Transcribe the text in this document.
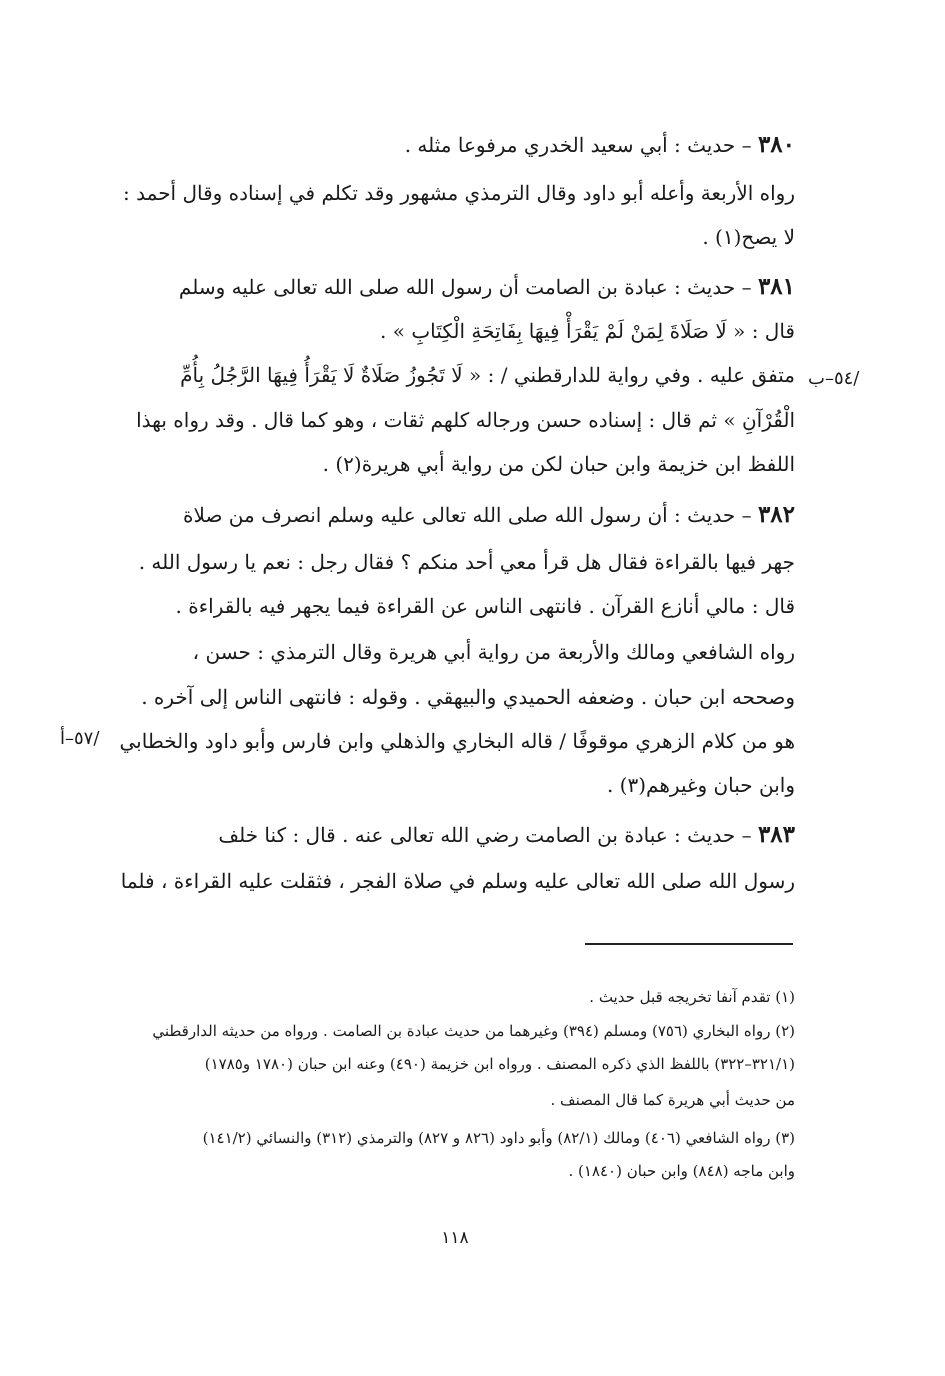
٣٨٠ – حديث : أبي سعيد الخدري مرفوعا مثله .
رواه الأربعة وأعله أبو داود وقال الترمذي مشهور وقد تكلم في إسناده وقال أحمد :
لا يصح(١) .
٣٨١ – حديث : عبادة بن الصامت أن رسول الله صلى الله تعالى عليه وسلم
قال : « لَا صَلَاةَ لِمَنْ لَمْ يَقْرَأْ فِيهَا بِفَاتِحَةِ الْكِتَابِ » .
متفق عليه . وفي رواية للدارقطني / : « لَا تَجُوزُ صَلَاةٌ لَا يَقْرَأُ فِيهَا الرَّجُلُ بِأُمِّ
الْقُرْآنِ » ثم قال : إسناده حسن ورجاله كلهم ثقات ، وهو كما قال . وقد رواه بهذا
اللفظ ابن خزيمة وابن حبان لكن من رواية أبي هريرة(٢) .
٣٨٢ – حديث : أن رسول الله صلى الله تعالى عليه وسلم انصرف من صلاة
جهر فيها بالقراءة فقال هل قرأ معي أحد منكم ؟ فقال رجل : نعم يا رسول الله .
قال : مالي أنازع القرآن . فانتهى الناس عن القراءة فيما يجهر فيه بالقراءة .
رواه الشافعي ومالك والأربعة من رواية أبي هريرة وقال الترمذي : حسن ،
وصححه ابن حبان . وضعفه الحميدي والبيهقي . وقوله : فانتهى الناس إلى آخره .
هو من كلام الزهري موقوفًا / قاله البخاري والذهلي وابن فارس وأبو داود والخطابي
وابن حبان وغيرهم(٣) .
٣٨٣ – حديث : عبادة بن الصامت رضي الله تعالى عنه . قال : كنا خلف
رسول الله صلى الله تعالى عليه وسلم في صلاة الفجر ، فثقلت عليه القراءة ، فلما
/٥٤–ب
/٥٧–أ
(١) تقدم آنفا تخريجه قبل حديث .
(٢) رواه البخاري (٧٥٦) ومسلم (٣٩٤) وغيرهما من حديث عبادة بن الصامت . ورواه من حديثه الدارقطني
(٣٢١/١–٣٢٢) باللفظ الذي ذكره المصنف . ورواه ابن خزيمة (٤٩٠) وعنه ابن حبان (١٧٨٠ و١٧٨٥)
من حديث أبي هريرة كما قال المصنف .
(٣) رواه الشافعي (٤٠٦) ومالك (٨٢/١) وأبو داود (٨٢٦ و ٨٢٧) والترمذي (٣١٢) والنسائي (١٤١/٢)
وابن ماجه (٨٤٨) وابن حبان (١٨٤٠) .
١١٨
